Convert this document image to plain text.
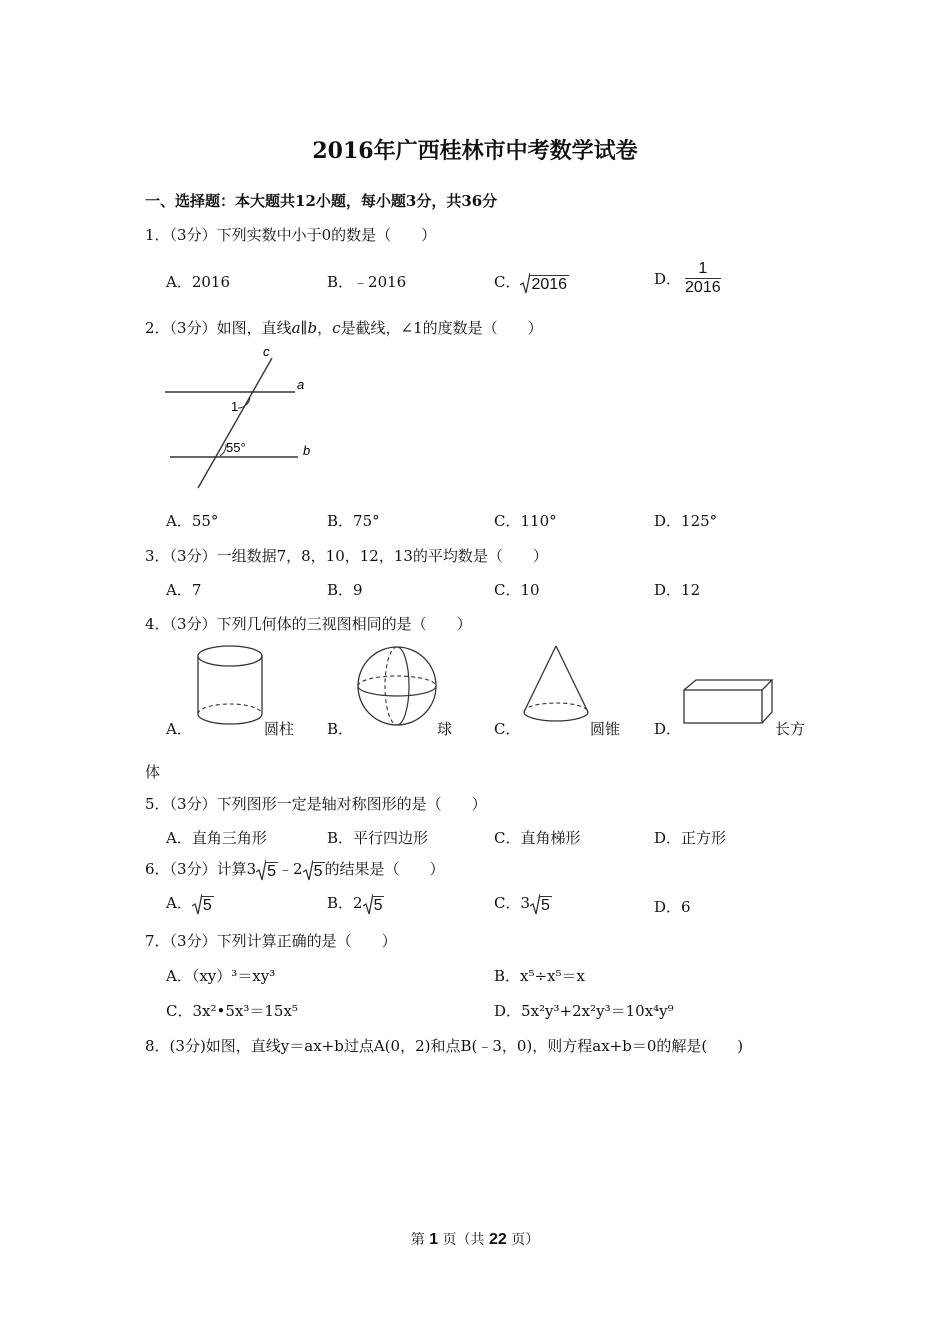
2016年广西桂林市中考数学试卷
一、选择题：本大题共12小题，每小题3分，共36分
1．（3分）下列实数中小于0的数是（　　）
A．2016	B．﹣2016	C． 2016	D． $\frac{1}{2016}$
2．（3分）如图，直线a∥b，c是截线，∠1的度数是（　　）
c
a
b
1
55°
A．55°	B．75°	C．110°	D．125°
3．（3分）一组数据7，8，10，12，13的平均数是（　　）
A．7	B．9	C．10	D．12
4．（3分）下列几何体的三视图相同的是（　　）
A．	圆柱 B．	球	C．	圆锥 D．	长方
体
5．（3分）下列图形一定是轴对称图形的是（　　）
A．直角三角形	B．平行四边形	C．直角梯形	D．正方形
6．（3分）计算3 5 ﹣2 5 的结果是（　　）
A． 5	B．2 5	C．3 5	D．6
7．（3分）下列计算正确的是（　　）
A．（xy）³＝xy³	B．x⁵÷x⁵＝x
C．3x²•5x³＝15x⁵	D．5x²y³+2x²y³＝10x⁴y⁹
8．(3分)如图，直线y＝ax+b过点A(0，2)和点B(﹣3，0)，则方程ax+b＝0的解是(　　)
第 1 页（共 22 页）
